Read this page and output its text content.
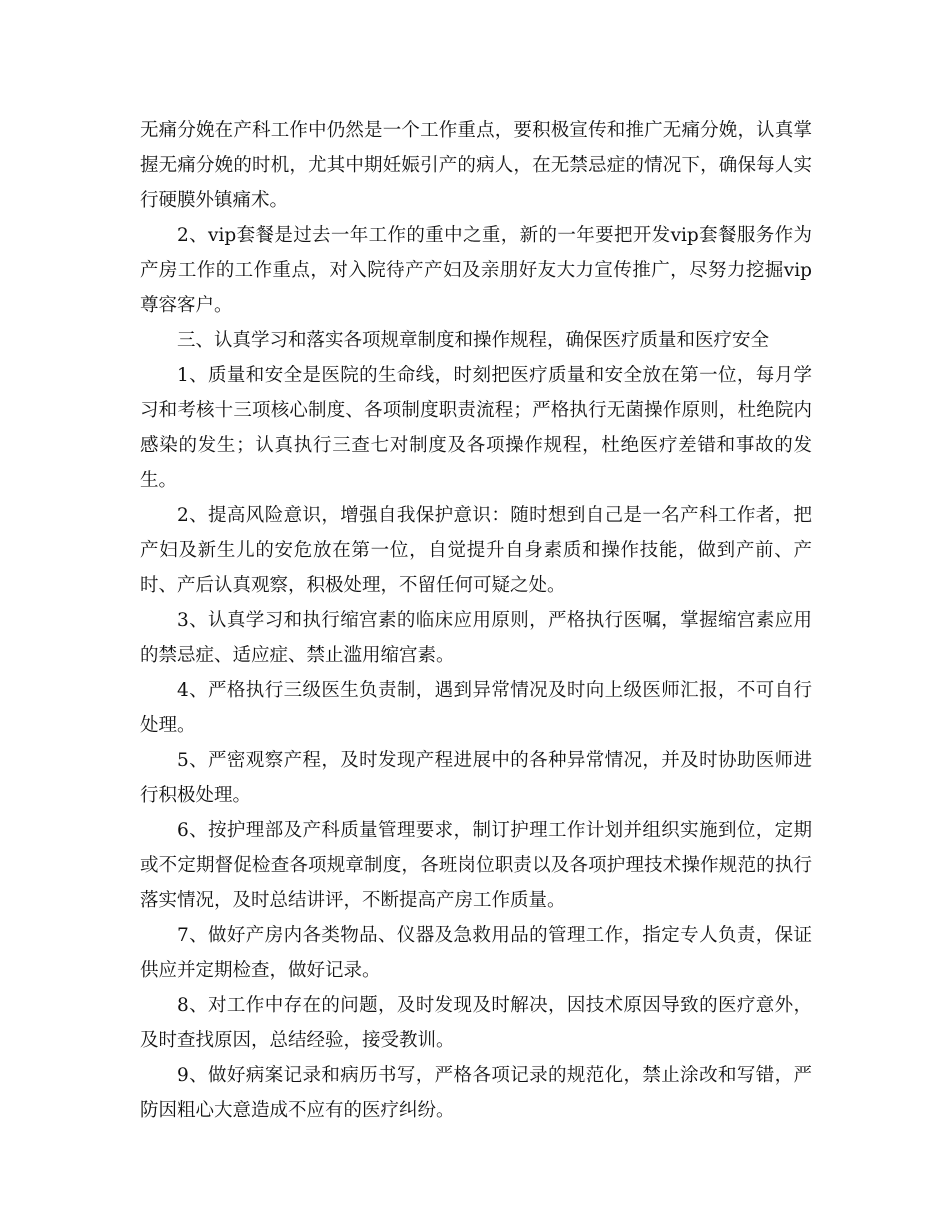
无痛分娩在产科工作中仍然是一个工作重点，要积极宣传和推广无痛分娩，认真掌握无痛分娩的时机，尤其中期妊娠引产的病人，在无禁忌症的情况下，确保每人实行硬膜外镇痛术。

2、vip套餐是过去一年工作的重中之重，新的一年要把开发vip套餐服务作为产房工作的工作重点，对入院待产产妇及亲朋好友大力宣传推广，尽努力挖掘vip尊容客户。

三、认真学习和落实各项规章制度和操作规程，确保医疗质量和医疗安全

1、质量和安全是医院的生命线，时刻把医疗质量和安全放在第一位，每月学习和考核十三项核心制度、各项制度职责流程；严格执行无菌操作原则，杜绝院内感染的发生；认真执行三查七对制度及各项操作规程，杜绝医疗差错和事故的发生。

2、提高风险意识，增强自我保护意识：随时想到自己是一名产科工作者，把产妇及新生儿的安危放在第一位，自觉提升自身素质和操作技能，做到产前、产时、产后认真观察，积极处理，不留任何可疑之处。

3、认真学习和执行缩宫素的临床应用原则，严格执行医嘱，掌握缩宫素应用的禁忌症、适应症、禁止滥用缩宫素。

4、严格执行三级医生负责制，遇到异常情况及时向上级医师汇报，不可自行处理。

5、严密观察产程，及时发现产程进展中的各种异常情况，并及时协助医师进行积极处理。

6、按护理部及产科质量管理要求，制订护理工作计划并组织实施到位，定期或不定期督促检查各项规章制度，各班岗位职责以及各项护理技术操作规范的执行落实情况，及时总结讲评，不断提高产房工作质量。

7、做好产房内各类物品、仪器及急救用品的管理工作，指定专人负责，保证供应并定期检查，做好记录。

8、对工作中存在的问题，及时发现及时解决，因技术原因导致的医疗意外，及时查找原因，总结经验，接受教训。

9、做好病案记录和病历书写，严格各项记录的规范化，禁止涂改和写错，严防因粗心大意造成不应有的医疗纠纷。
